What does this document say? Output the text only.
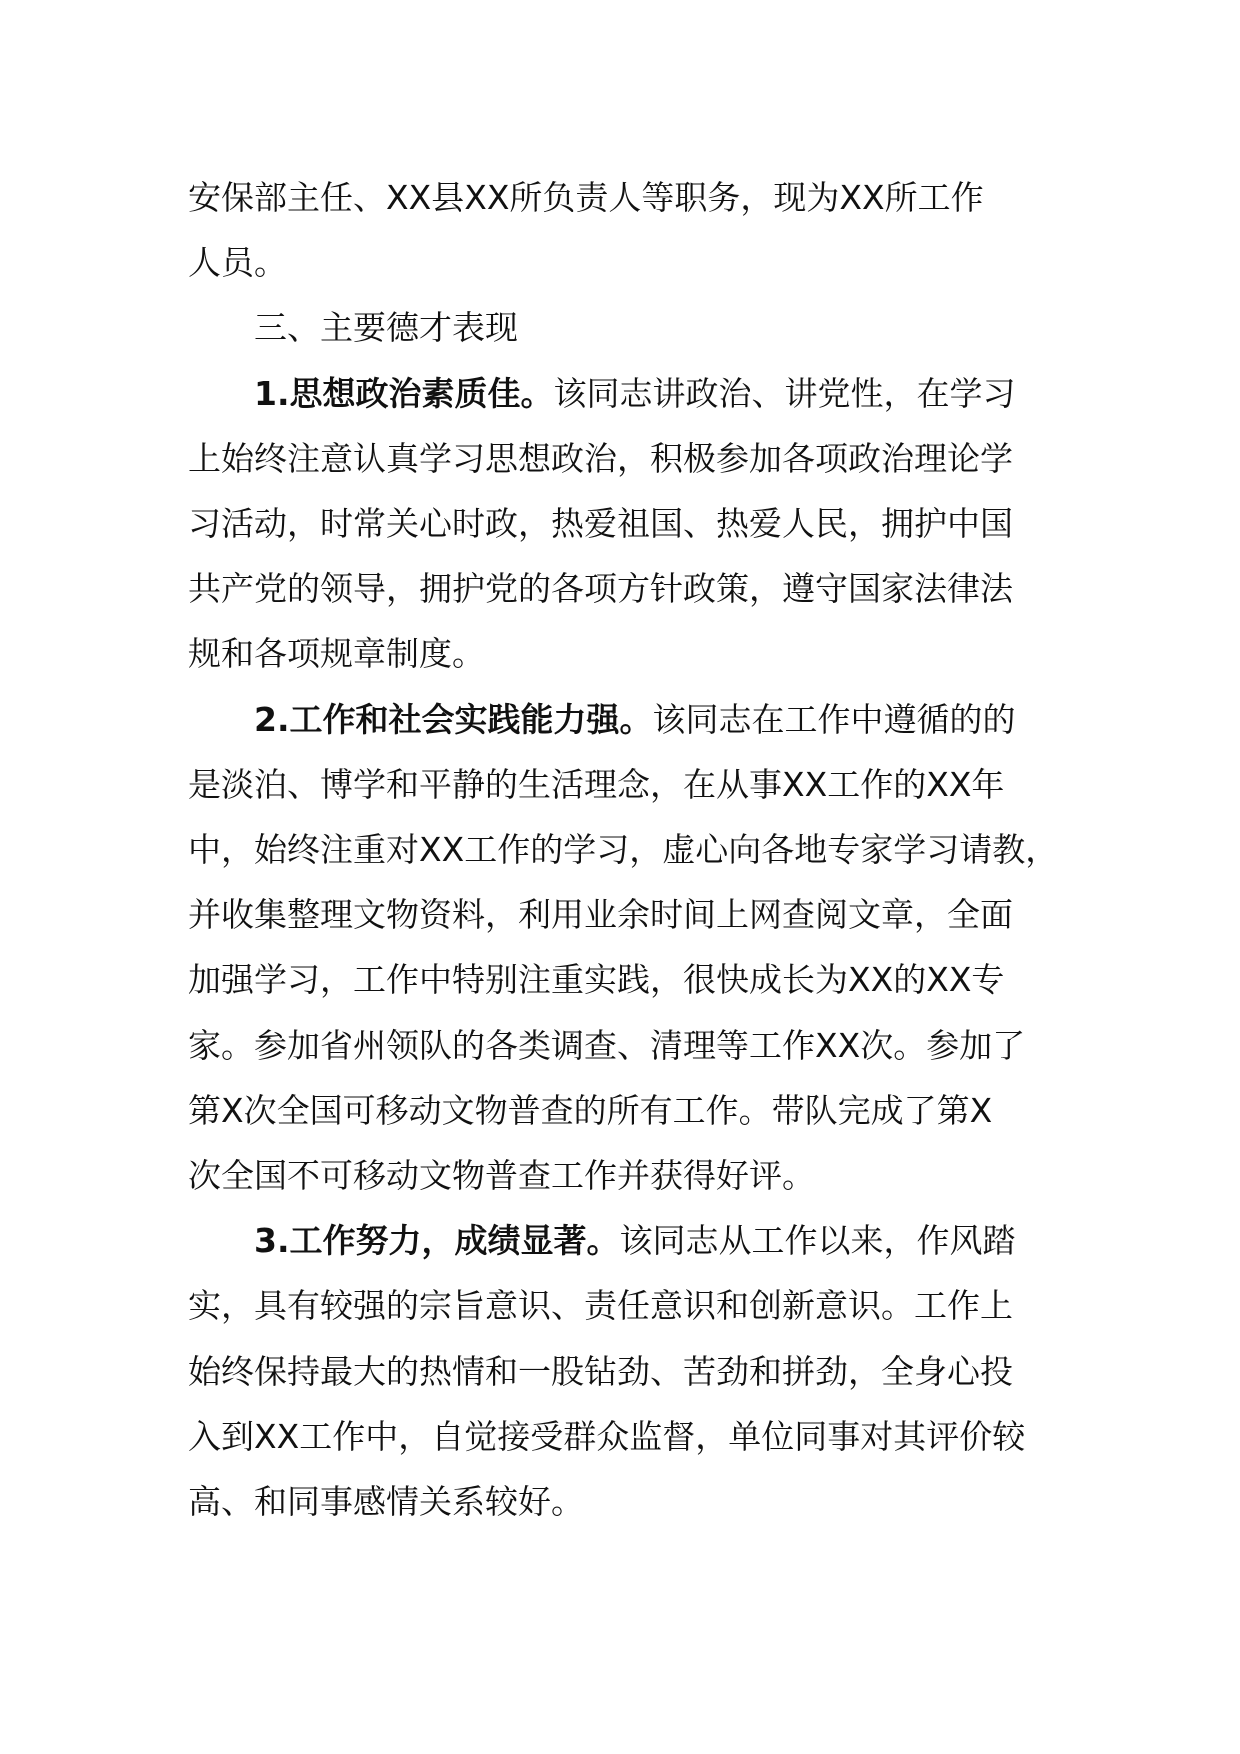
安保部主任、XX县XX所负责人等职务，现为XX所工作
人员。
三、主要德才表现
1.思想政治素质佳。该同志讲政治、讲党性，在学习
上始终注意认真学习思想政治，积极参加各项政治理论学
习活动，时常关心时政，热爱祖国、热爱人民，拥护中国
共产党的领导，拥护党的各项方针政策，遵守国家法律法
规和各项规章制度。
2.工作和社会实践能力强。该同志在工作中遵循的的
是淡泊、博学和平静的生活理念，在从事XX工作的XX年
中，始终注重对XX工作的学习，虚心向各地专家学习请教，
并收集整理文物资料，利用业余时间上网查阅文章，全面
加强学习，工作中特别注重实践，很快成长为XX的XX专
家。参加省州领队的各类调查、清理等工作XX次。参加了
第X次全国可移动文物普查的所有工作。带队完成了第X
次全国不可移动文物普查工作并获得好评。
3.工作努力，成绩显著。该同志从工作以来，作风踏
实，具有较强的宗旨意识、责任意识和创新意识。工作上
始终保持最大的热情和一股钻劲、苦劲和拼劲，全身心投
入到XX工作中，自觉接受群众监督，单位同事对其评价较
高、和同事感情关系较好。
